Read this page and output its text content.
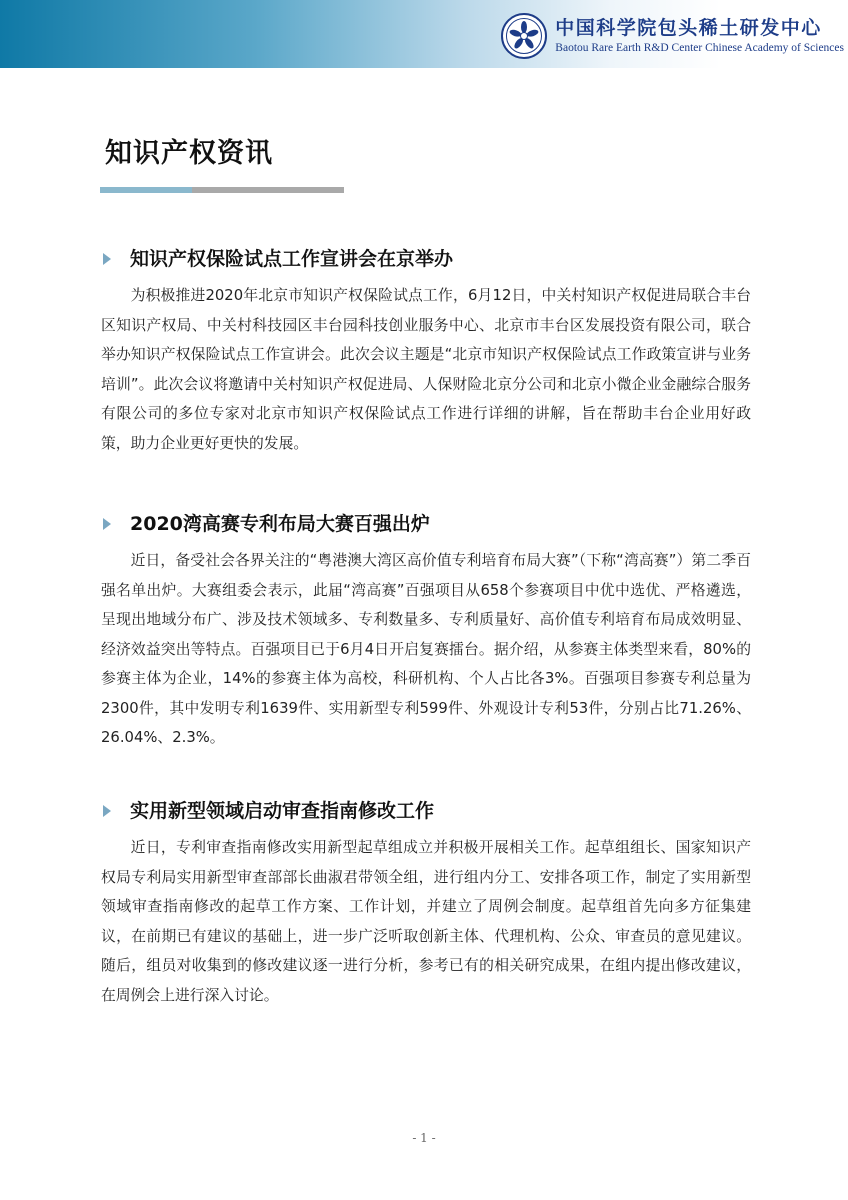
中国科学院包头稀土研发中心
Baotou Rare Earth R&D Center Chinese Academy of Sciences
知识产权资讯
知识产权保险试点工作宣讲会在京举办

为积极推进2020年北京市知识产权保险试点工作，6月12日，中关村知识产权促进局联合丰台区知识产权局、中关村科技园区丰台园科技创业服务中心、北京市丰台区发展投资有限公司，联合举办知识产权保险试点工作宣讲会。此次会议主题是“北京市知识产权保险试点工作政策宣讲与业务培训”。此次会议将邀请中关村知识产权促进局、人保财险北京分公司和北京小微企业金融综合服务有限公司的多位专家对北京市知识产权保险试点工作进行详细的讲解，旨在帮助丰台企业用好政策，助力企业更好更快的发展。

2020湾高赛专利布局大赛百强出炉

近日，备受社会各界关注的“粤港澳大湾区高价值专利培育布局大赛”（下称“湾高赛”）第二季百强名单出炉。大赛组委会表示，此届“湾高赛”百强项目从658个参赛项目中优中选优、严格遴选，呈现出地域分布广、涉及技术领域多、专利数量多、专利质量好、高价值专利培育布局成效明显、经济效益突出等特点。百强项目已于6月4日开启复赛擂台。据介绍，从参赛主体类型来看，80%的参赛主体为企业，14%的参赛主体为高校，科研机构、个人占比各3%。百强项目参赛专利总量为2300件，其中发明专利1639件、实用新型专利599件、外观设计专利53件，分别占比71.26%、26.04%、2.3%。

实用新型领域启动审查指南修改工作

近日，专利审查指南修改实用新型起草组成立并积极开展相关工作。起草组组长、国家知识产权局专利局实用新型审查部部长曲淑君带领全组，进行组内分工、安排各项工作，制定了实用新型领域审查指南修改的起草工作方案、工作计划，并建立了周例会制度。起草组首先向多方征集建议，在前期已有建议的基础上，进一步广泛听取创新主体、代理机构、公众、审查员的意见建议。随后，组员对收集到的修改建议逐一进行分析，参考已有的相关研究成果，在组内提出修改建议，在周例会上进行深入讨论。

- 1 -
